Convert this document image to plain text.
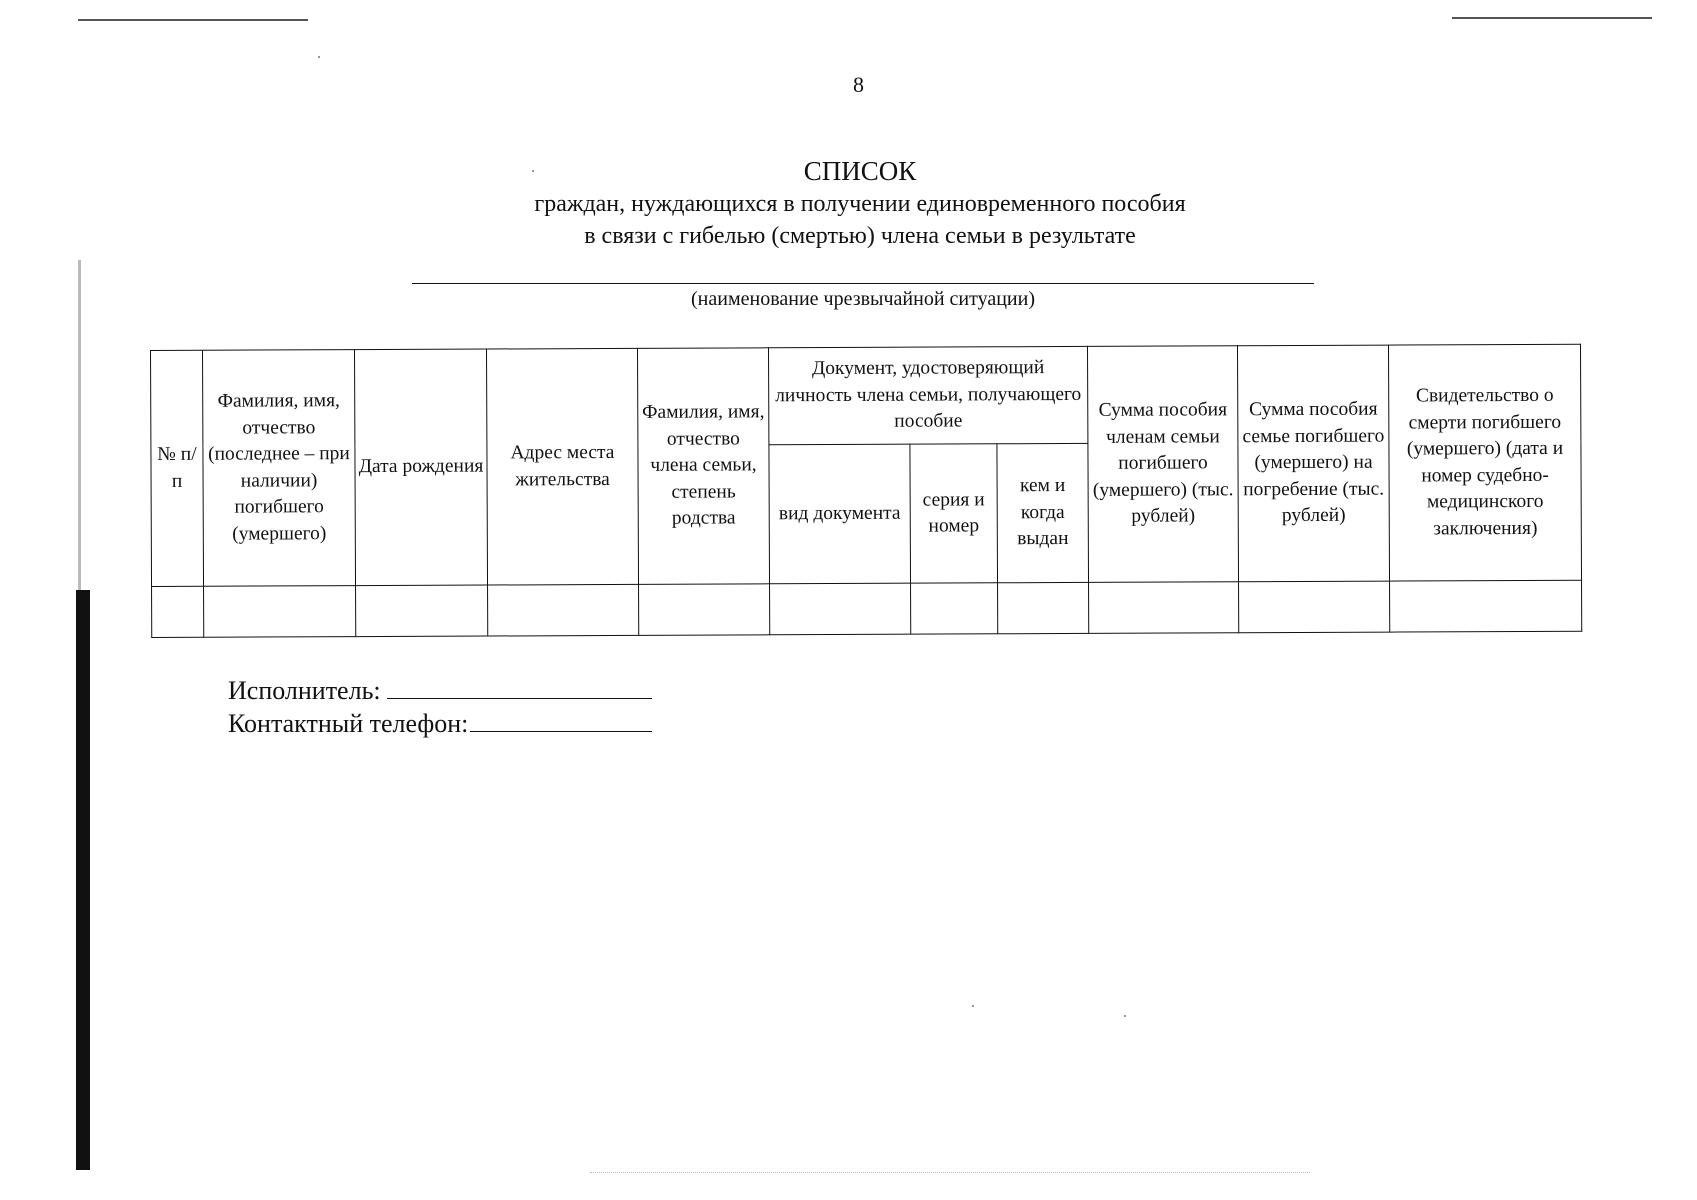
8
СПИСОК
граждан, нуждающихся в получении единовременного пособия
в связи с гибелью (смертью) члена семьи в результате
(наименование чрезвычайной ситуации)
№ п/п	Фамилия, имя, отчество (последнее – при наличии) погибшего (умершего)	Дата рождения	Адрес места жительства	Фамилия, имя, отчество члена семьи, степень родства	Документ, удостоверяющий личность члена семьи, получающего пособие			Сумма пособия членам семьи погибшего (умершего) (тыс. рублей)	Сумма пособия семье погибшего (умершего) на погребение (тыс. рублей)	Свидетельство о смерти погибшего (умершего) (дата и номер судебно-медицинского заключения)
					вид документа	серия и номер	кем и когда выдан			

Исполнитель:
Контактный телефон:
